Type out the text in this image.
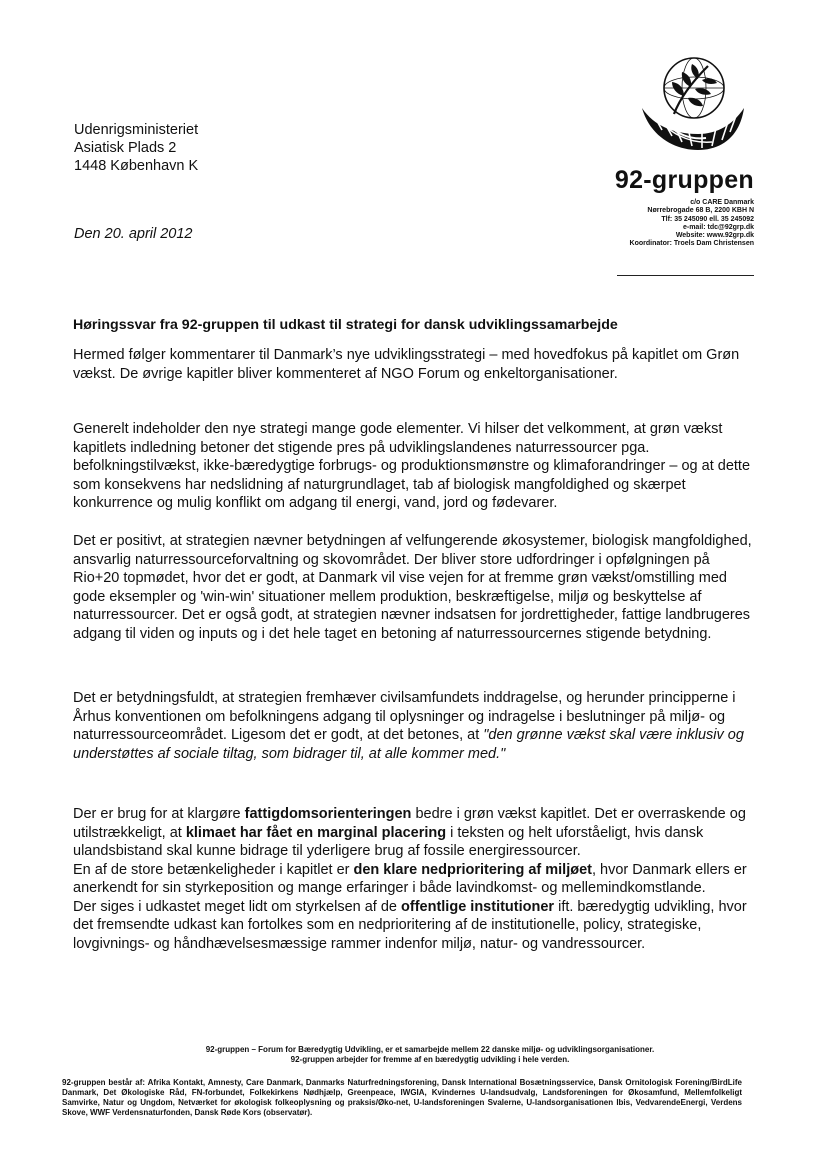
Udenrigsministeriet
Asiatisk Plads 2
1448 København K
Den 20. april 2012
92-gruppen
c/o CARE Danmark
Nørrebrogade 68 B, 2200 KBH N
Tlf: 35 245090 ell. 35 245092
e-mail: tdc@92grp.dk
Website: www.92grp.dk
Koordinator: Troels Dam Christensen
Høringssvar fra 92-gruppen til udkast til strategi for dansk udviklingssamarbejde

Hermed følger kommentarer til Danmark’s nye udviklingsstrategi – med hovedfokus på kapitlet om Grøn vækst. De øvrige kapitler bliver kommenteret af NGO Forum og enkeltorganisationer.

Generelt indeholder den nye strategi mange gode elementer. Vi hilser det velkomment, at grøn vækst kapitlets indledning betoner det stigende pres på udviklingslandenes naturressourcer pga. befolkningstilvækst, ikke-bæredygtige forbrugs- og produktionsmønstre og klimaforandringer – og at dette som konsekvens har nedslidning af naturgrundlaget, tab af biologisk mangfoldighed og skærpet konkurrence og mulig konflikt om adgang til energi, vand, jord og fødevarer.

Det er positivt, at strategien nævner betydningen af velfungerende økosystemer, biologisk mangfoldighed, ansvarlig naturressourceforvaltning og skovområdet. Der bliver store udfordringer i opfølgningen på Rio+20 topmødet, hvor det er godt, at Danmark vil vise vejen for at fremme grøn vækst/omstilling med gode eksempler og 'win-win' situationer mellem produktion, beskræftigelse, miljø og beskyttelse af naturressourcer. Det er også godt, at strategien nævner indsatsen for jordrettigheder, fattige landbrugeres adgang til viden og inputs og i det hele taget en betoning af naturressourcernes stigende betydning.

Det er betydningsfuldt, at strategien fremhæver civilsamfundets inddragelse, og herunder principperne i Århus konventionen om befolkningens adgang til oplysninger og indragelse i beslutninger på miljø- og naturressourceområdet. Ligesom det er godt, at det betones, at "den grønne vækst skal være inklusiv og understøttes af sociale tiltag, som bidrager til, at alle kommer med."

Der er brug for at klargøre fattigdomsorienteringen bedre i grøn vækst kapitlet. Det er overraskende og utilstrækkeligt, at klimaet har fået en marginal placering i teksten og helt uforståeligt, hvis dansk ulandsbistand skal kunne bidrage til yderligere brug af fossile energiressourcer.

En af de store betænkeligheder i kapitlet er den klare nedprioritering af miljøet, hvor Danmark ellers er anerkendt for sin styrkeposition og mange erfaringer i både lavindkomst- og mellemindkomstlande.

Der siges i udkastet meget lidt om styrkelsen af de offentlige institutioner ift. bæredygtig udvikling, hvor det fremsendte udkast kan fortolkes som en nedprioritering af de institutionelle, policy, strategiske, lovgivnings- og håndhævelsesmæssige rammer indenfor miljø, natur- og vandressourcer.

92-gruppen – Forum for Bæredygtig Udvikling, er et samarbejde mellem 22 danske miljø- og udviklingsorganisationer.
92-gruppen arbejder for fremme af en bæredygtig udvikling i hele verden.
92-gruppen består af: Afrika Kontakt, Amnesty, Care Danmark, Danmarks Naturfredningsforening, Dansk International Bosætningsservice, Dansk Ornitologisk Forening/BirdLife Danmark, Det Økologiske Råd, FN-forbundet, Folkekirkens Nødhjælp, Greenpeace, IWGIA, Kvindernes U-landsudvalg, Landsforeningen for Økosamfund, Mellemfolkeligt Samvirke, Natur og Ungdom, Netværket for økologisk folkeoplysning og praksis/Øko-net, U-landsforeningen Svalerne, U-landsorganisationen Ibis, VedvarendeEnergi, Verdens Skove, WWF Verdensnaturfonden, Dansk Røde Kors (observatør).
